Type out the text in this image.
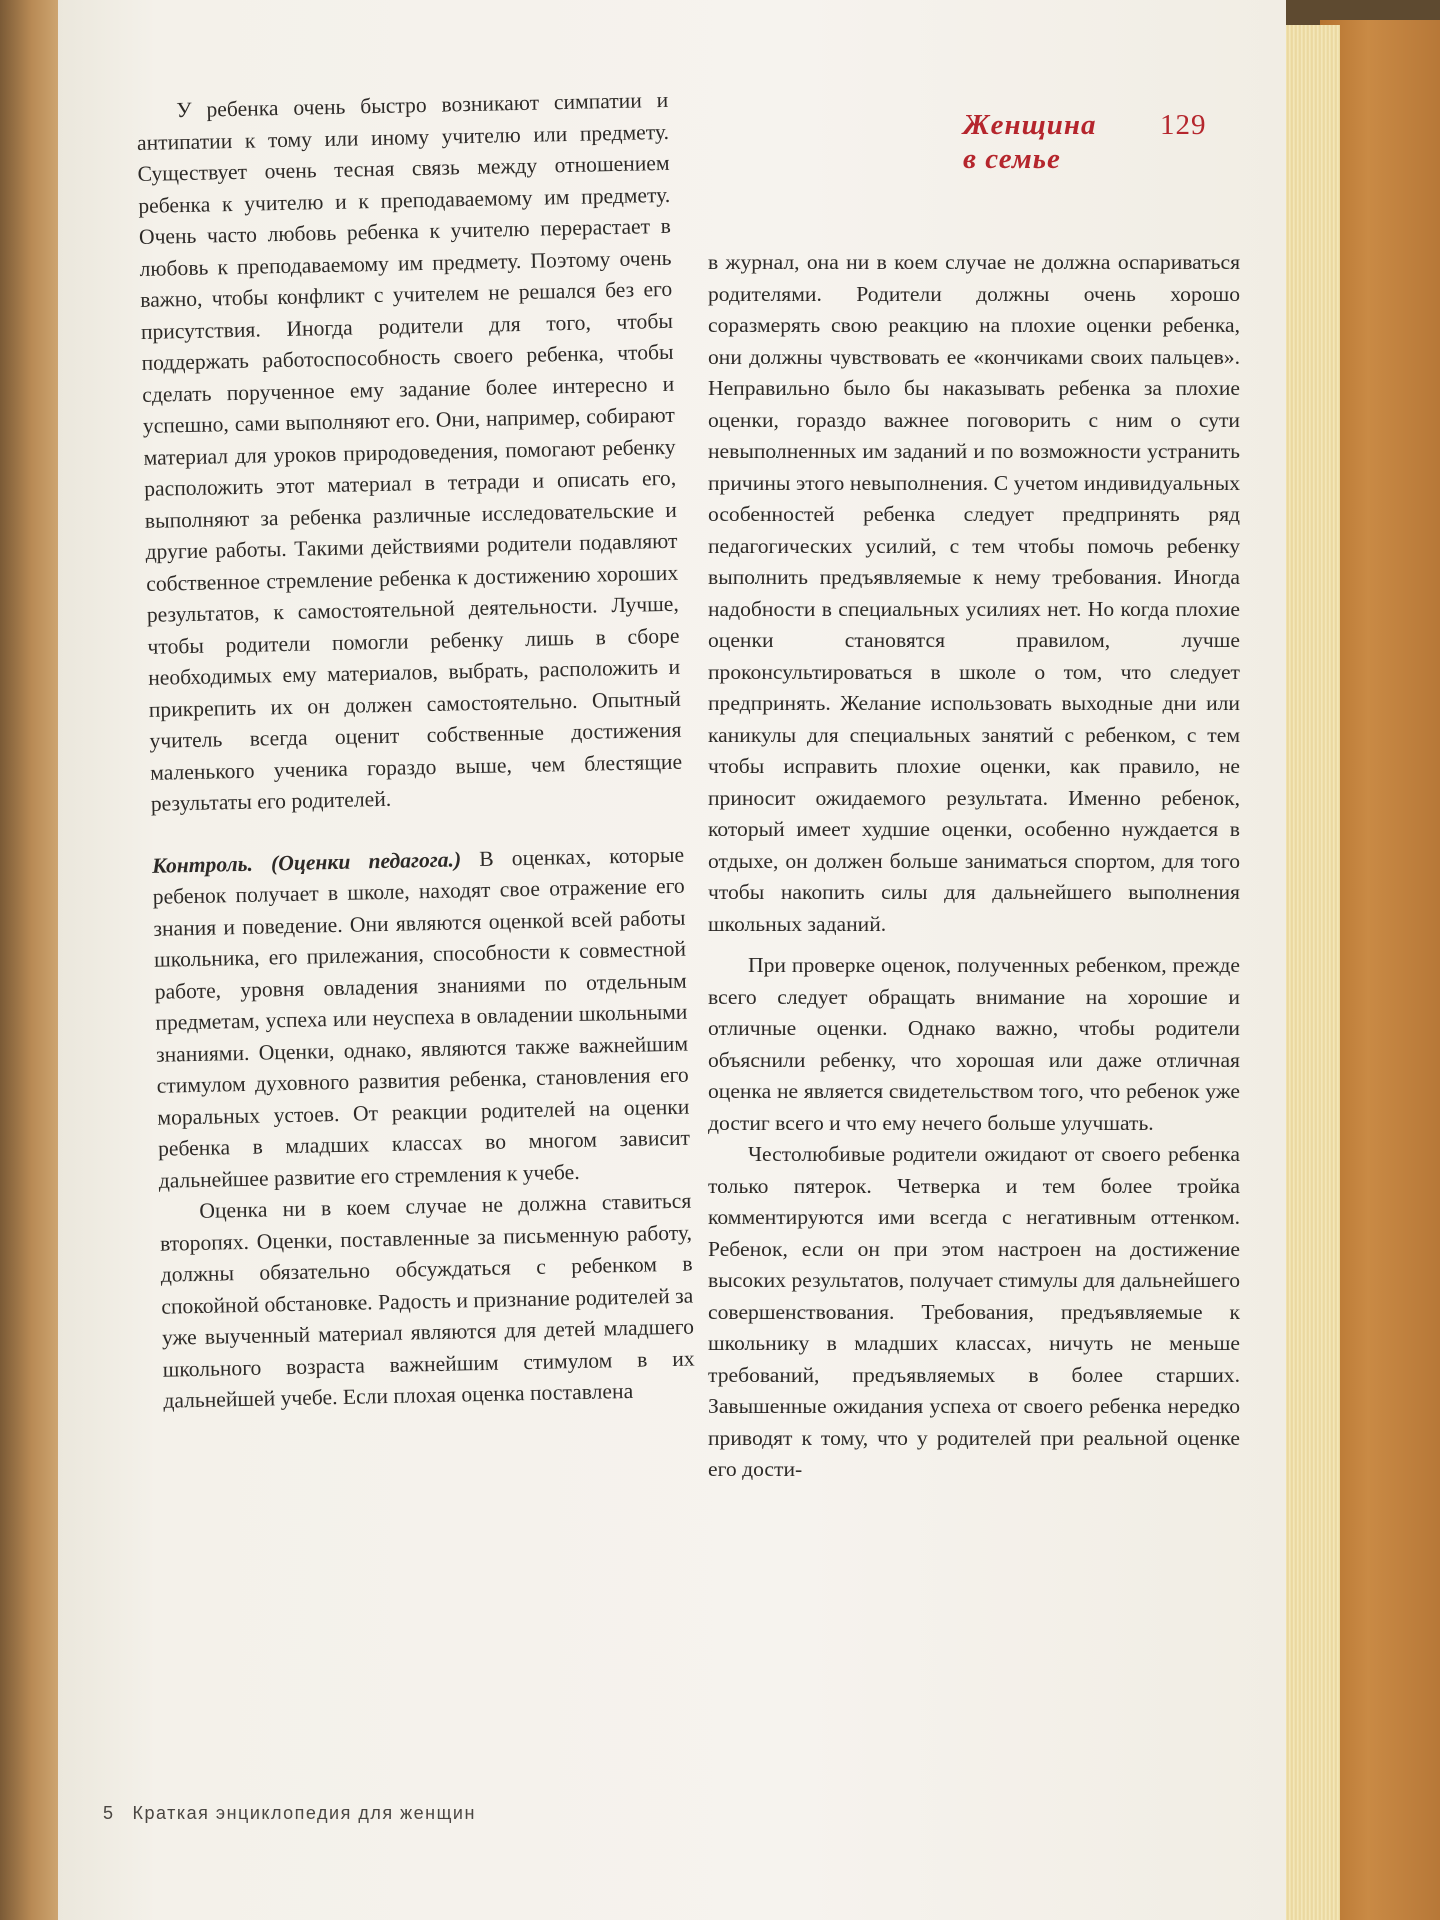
Женщина
в семье
129

У ребенка очень быстро возникают симпатии и антипатии к тому или иному учителю или предмету. Существует очень тесная связь между отношением ребенка к учителю и к преподаваемому им предмету. Очень часто любовь ребенка к учителю перерастает в любовь к преподаваемому им предмету. Поэтому очень важно, чтобы конфликт с учителем не решался без его присутствия. Иногда родители для того, чтобы поддержать работоспособность своего ребенка, чтобы сделать порученное ему задание более интересно и успешно, сами выполняют его. Они, например, собирают материал для уроков природоведения, помогают ребенку расположить этот материал в тетради и описать его, выполняют за ребенка различные исследовательские и другие работы. Такими действиями родители подавляют собственное стремление ребенка к достижению хороших результатов, к самостоятельной деятельности. Лучше, чтобы родители помогли ребенку лишь в сборе необходимых ему материалов, выбрать, расположить и прикрепить их он должен самостоятельно. Опытный учитель всегда оценит собственные достижения маленького ученика гораздо выше, чем блестящие результаты его родителей.

Контроль. (Оценки педагога.) В оценках, которые ребенок получает в школе, находят свое отражение его знания и поведение. Они являются оценкой всей работы школьника, его прилежания, способности к совместной работе, уровня овладения знаниями по отдельным предметам, успеха или неуспеха в овладении школьными знаниями. Оценки, однако, являются также важнейшим стимулом духовного развития ребенка, становления его моральных устоев. От реакции родителей на оценки ребенка в младших классах во многом зависит дальнейшее развитие его стремления к учебе.

Оценка ни в коем случае не должна ставиться второпях. Оценки, поставленные за письменную работу, должны обязательно обсуждаться с ребенком в спокойной обстановке. Радость и признание родителей за уже выученный материал являются для детей младшего школьного возраста важнейшим стимулом в их дальнейшей учебе. Если плохая оценка поставлена

в журнал, она ни в коем случае не должна оспариваться родителями. Родители должны очень хорошо соразмерять свою реакцию на плохие оценки ребенка, они должны чувствовать ее «кончиками своих пальцев». Неправильно было бы наказывать ребенка за плохие оценки, гораздо важнее поговорить с ним о сути невыполненных им заданий и по возможности устранить причины этого невыполнения. С учетом индивидуальных особенностей ребенка следует предпринять ряд педагогических усилий, с тем чтобы помочь ребенку выполнить предъявляемые к нему требования. Иногда надобности в специальных усилиях нет. Но когда плохие оценки становятся правилом, лучше проконсультироваться в школе о том, что следует предпринять. Желание использовать выходные дни или каникулы для специальных занятий с ребенком, с тем чтобы исправить плохие оценки, как правило, не приносит ожидаемого результата. Именно ребенок, который имеет худшие оценки, особенно нуждается в отдыхе, он должен больше заниматься спортом, для того чтобы накопить силы для дальнейшего выполнения школьных заданий.

При проверке оценок, полученных ребенком, прежде всего следует обращать внимание на хорошие и отличные оценки. Однако важно, чтобы родители объяснили ребенку, что хорошая или даже отличная оценка не является свидетельством того, что ребенок уже достиг всего и что ему нечего больше улучшать.

Честолюбивые родители ожидают от своего ребенка только пятерок. Четверка и тем более тройка комментируются ими всегда с негативным оттенком. Ребенок, если он при этом настроен на достижение высоких результатов, получает стимулы для дальнейшего совершенствования. Требования, предъявляемые к школьнику в младших классах, ничуть не меньше требований, предъявляемых в более старших. Завышенные ожидания успеха от своего ребенка нередко приводят к тому, что у родителей при реальной оценке его дости-

5 Краткая энциклопедия для женщин
